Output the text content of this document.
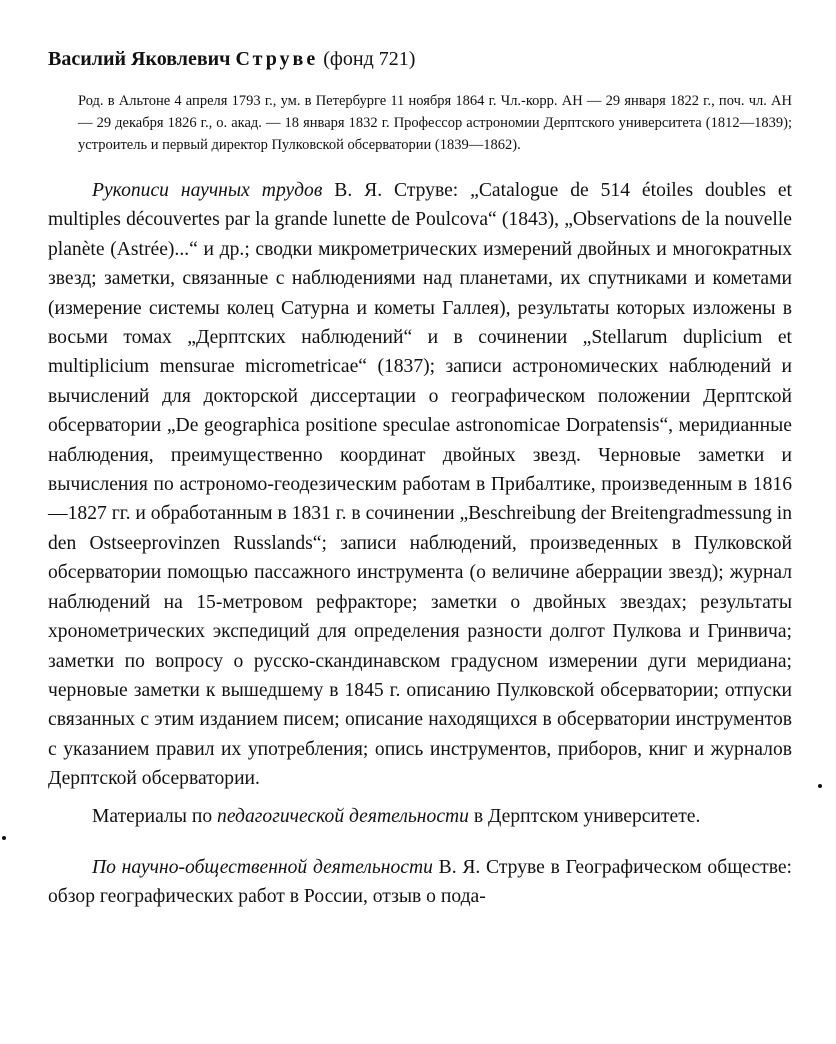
Василий Яковлевич Струве (фонд 721)

Род. в Альтоне 4 апреля 1793 г., ум. в Петербурге 11 ноября 1864 г. Чл.-корр. АН — 29 января 1822 г., поч. чл. АН — 29 декабря 1826 г., о. акад. — 18 января 1832 г. Профессор астрономии Дерптского университета (1812—1839); устроитель и первый директор Пулковской обсерватории (1839—1862).

Рукописи научных трудов В. Я. Струве: „Catalogue de 514 étoiles doubles et multiples découvertes par la grande lunette de Poulcova“ (1843), „Observations de la nouvelle planète (Astrée)...“ и др.; сводки микрометрических измерений двойных и многократных звезд; заметки, связанные с наблюдениями над планетами, их спутниками и кометами (измерение системы колец Сатурна и кометы Галлея), результаты которых изложены в восьми томах „Дерптских наблюдений“ и в сочинении „Stellarum duplicium et multiplicium mensurae micrometricae“ (1837); записи астрономических наблюдений и вычислений для докторской диссертации о географическом положении Дерптской обсерватории „De geographica positione speculae astronomicae Dorpatensis“, меридианные наблюдения, преимущественно координат двойных звезд. Черновые заметки и вычисления по астрономо-геодезическим работам в Прибалтике, произведенным в 1816—1827 гг. и обработанным в 1831 г. в сочинении „Beschreibung der Breitengradmessung in den Ostseeprovinzen Russlands“; записи наблюдений, произведенных в Пулковской обсерватории помощью пассажного инструмента (о величине аберрации звезд); журнал наблюдений на 15-метровом рефракторе; заметки о двойных звездах; результаты хронометрических экспедиций для определения разности долгот Пулкова и Гринвича; заметки по вопросу о русско-скандинавском градусном измерении дуги меридиана; черновые заметки к вышедшему в 1845 г. описанию Пулковской обсерватории; отпуски связанных с этим изданием писем; описание находящихся в обсерватории инструментов с указанием правил их употребления; опись инструментов, приборов, книг и журналов Дерптской обсерватории.

Материалы по педагогической деятельности в Дерптском университете.

По научно-общественной деятельности В. Я. Струве в Географическом обществе: обзор географических работ в России, отзыв о пода-
